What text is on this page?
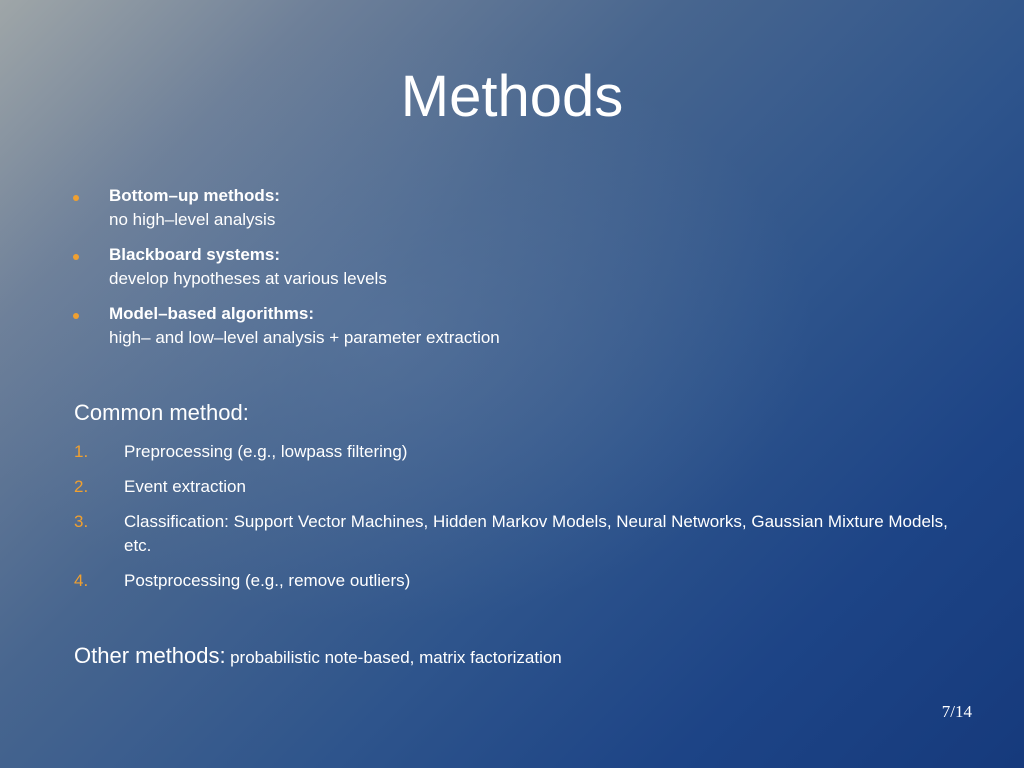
Methods
Bottom–up methods:
no high–level analysis
Blackboard systems:
develop hypotheses at various levels
Model–based algorithms:
high– and low–level analysis + parameter extraction

Common method:

1. Preprocessing (e.g., lowpass filtering)
2. Event extraction
3. Classification: Support Vector Machines, Hidden Markov Models, Neural Networks, Gaussian Mixture Models, etc.
4. Postprocessing (e.g., remove outliers)

Other methods: probabilistic note-based, matrix factorization

7/14
